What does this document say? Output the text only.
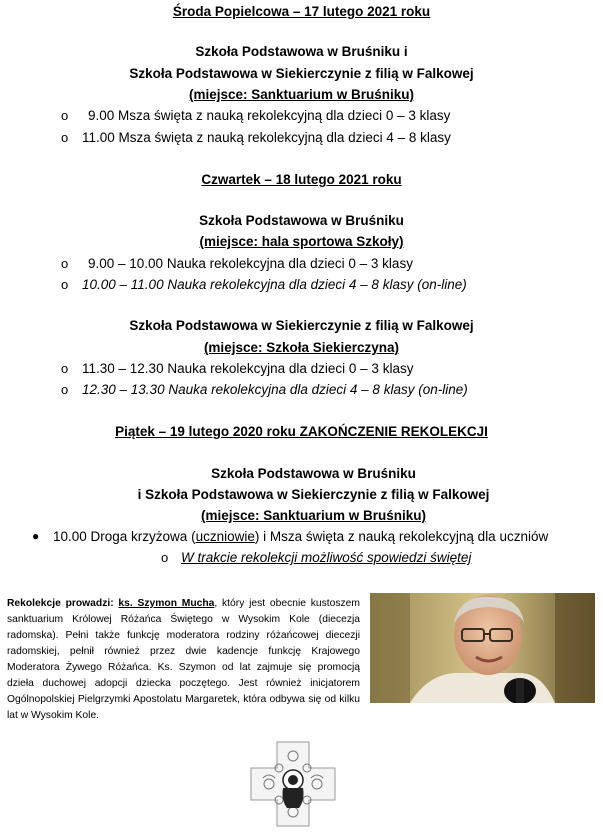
Środa Popielcowa – 17 lutego 2021 roku
Szkoła Podstawowa w Bruśniku i
Szkoła Podstawowa w Siekierczynie z filią w Falkowej
(miejsce: Sanktuarium w Bruśniku)
o 9.00 Msza święta z nauką rekolekcyjną dla dzieci 0 – 3 klasy
o 11.00 Msza święta z nauką rekolekcyjną dla dzieci 4 – 8 klasy
Czwartek – 18 lutego 2021 roku
Szkoła Podstawowa w Bruśniku
(miejsce: hala sportowa Szkoły)
o 9.00 – 10.00 Nauka rekolekcyjna dla dzieci 0 – 3 klasy
o 10.00 – 11.00 Nauka rekolekcyjna dla dzieci 4 – 8 klasy (on-line)
Szkoła Podstawowa w Siekierczynie z filią w Falkowej
(miejsce: Szkoła Siekierczyna)
o 11.30 – 12.30 Nauka rekolekcyjna dla dzieci 0 – 3 klasy
o 12.30 – 13.30 Nauka rekolekcyjna dla dzieci 4 – 8 klasy (on-line)
Piątek – 19 lutego 2020 roku ZAKOŃCZENIE REKOLEKCJI
Szkoła Podstawowa w Bruśniku
i Szkoła Podstawowa w Siekierczynie z filią w Falkowej
(miejsce: Sanktuarium w Bruśniku)
● 10.00 Droga krzyżowa (uczniowie) i Msza święta z nauką rekolekcyjną dla uczniów
o W trakcie rekolekcji możliwość spowiedzi świętej
Rekolekcje prowadzi: ks. Szymon Mucha, który jest obecnie kustoszem sanktuarium Królowej Różańca Świętego w Wysokim Kole (diecezja radomska). Pełni także funkcję moderatora rodziny różańcowej diecezji radomskiej, pełnił również przez dwie kadencje funkcję Krajowego Moderatora Żywego Różańca. Ks. Szymon od lat zajmuje się promocją dzieła duchowej adopcji dziecka poczętego. Jest również inicjatorem Ogólnopolskiej Pielgrzymki Apostolatu Margaretek, która odbywa się od kilku lat w Wysokim Kole.
